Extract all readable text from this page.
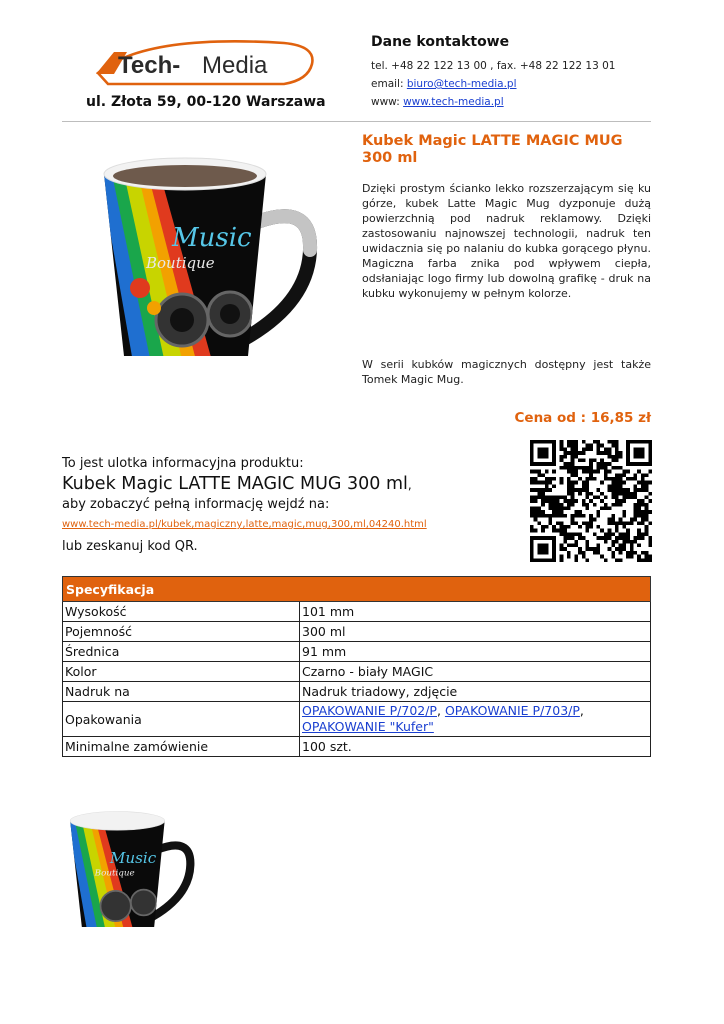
Tech- Media
ul. Złota 59, 00-120 Warszawa
Dane kontaktowe
tel. +48 22 122 13 00 , fax. +48 22 122 13 01
email: biuro@tech-media.pl
www: www.tech-media.pl
Music
Boutique
Kubek Magic LATTE MAGIC MUG 300 ml
Dzięki prostym ścianko lekko rozszerzającym się ku górze, kubek Latte Magic Mug dyzponuje dużą powierzchnią pod nadruk reklamowy. Dzięki zastosowaniu najnowszej technologii, nadruk ten uwidacznia się po nalaniu do kubka gorącego płynu. Magiczna farba znika pod wpływem ciepła, odsłaniając logo firmy lub dowolną grafikę - druk na kubku wykonujemy w pełnym kolorze.
W serii kubków magicznych dostępny jest także Tomek Magic Mug.
Cena od : 16,85 zł
To jest ulotka informacyjna produktu:
Kubek Magic LATTE MAGIC MUG 300 ml,
aby zobaczyć pełną informację wejdź na:
www.tech-media.pl/kubek,magiczny,latte,magic,mug,300,ml,04240.html
lub zeskanuj kod QR.
Specyfikacja	
Wysokość	101 mm
Pojemność	300 ml
Średnica	91 mm
Kolor	Czarno - biały MAGIC
Nadruk na	Nadruk triadowy, zdjęcie
Opakowania	OPAKOWANIE P/702/P, OPAKOWANIE P/703/P,
OPAKOWANIE "Kufer"
Minimalne zamówienie	100 szt.
Music
Boutique
